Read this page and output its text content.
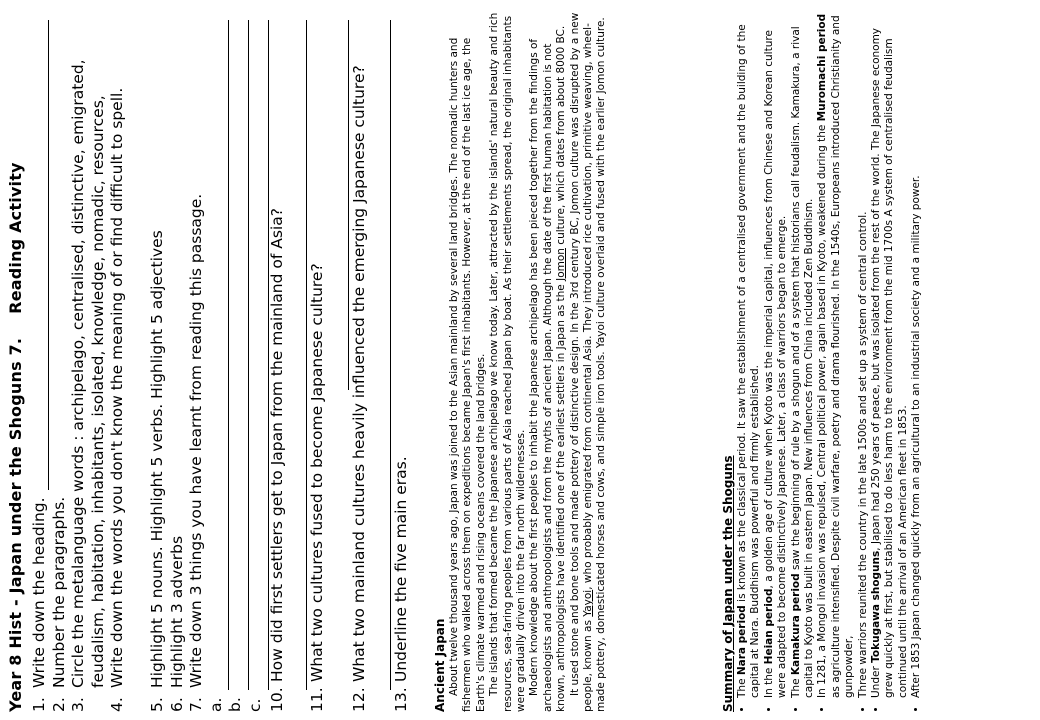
Year 8 Hist - Japan under the Shoguns 7.Reading Activity
1.
Write down the heading.
2.
Number the paragraphs.
3.
Circle the metalanguage words : archipelago, centralised, distinctive, emigrated, feudalism, habitation, inhabitants, isolated, knowledge, nomadic, resources,
4.
Write down the words you don't know the meaning of or find difficult to spell.
5.
Highlight 5 nouns. Highlight 5 verbs. Highlight 5 adjectives
6.
Highlight 3 adverbs
7.
Write down 3 things you have learnt from reading this passage.
a. b. c. 10.
How did first settlers get to Japan from the mainland of Asia?
11.
What two cultures fused to become Japanese culture?
12.
What two mainland cultures heavily influenced the emerging Japanese culture?
13.
Underline the five main eras. Ancient Japan About twelve thousand years ago, Japan was joined to the Asian mainland by several land bridges. The nomadic hunters and fishermen who walked across them on expeditions became Japan's first inhabitants. However, at the end of the last ice age, the Earth's climate warmed and rising oceans covered the land bridges. The islands that formed became the Japanese archipelago we know today. Later, attracted by the islands' natural beauty and rich resources, sea-faring peoples from various parts of Asia reached Japan by boat. As their settlements spread, the original inhabitants were gradually driven into the far north wildernesses. Modern knowledge about the first peoples to inhabit the Japanese archipelago has been pieced together from the findings of archaeologists and anthropologists and from the myths of ancient Japan. Although the date of the first human habitation is not known, anthropologists have identified one of the earliest settlers in Japan as the Jomon culture, which dates from about 8000 BC. It used stone and bone tools and made pottery of distinctive design. In the 3rd century BC, Jomon culture was disrupted by a new people, known as Yayoi, who probably emigrated from continental Asia. They introduced rice cultivation, primitive weaving, wheel-made pottery, domesticated horses and cows, and simple iron tools. Yayoi culture overlaid and fused with the earlier Jomon culture.	Summary of Japan under the Shoguns • The Nara period is known as the classical period. It saw the establishment of a centralised government and the building of the capital at Nara. Buddhism was powerful and firmly established. • In the Heian period, a golden age of culture when Kyoto was the imperial capital, influences from Chinese and Korean culture were adapted to become distinctively Japanese. Later, a class of warriors began to emerge. • The Kamakura period saw the beginning of rule by a shogun and of a system that historians call feudalism. Kamakura, a rival capital to Kyoto was built in eastern Japan. New influences from China included Zen Buddhism. • In 1281, a Mongol invasion was repulsed, Central political power, again based in Kyoto, weakened during the Muromachi period as agriculture intensified. Despite civil warfare, poetry and drama flourished. In the 1540s, Europeans introduced Christianity and gunpowder, • Three warriors reunited the country in the late 1500s and set up a system of central control. • Under Tokugawa shoguns, Japan had 250 years of peace, but was isolated from the rest of the world. The Japanese economy grew quickly at first, but stabilised to do less harm to the environment from the mid 1700s A system of centralised feudalism continued until the arrival of an American fleet in 1853. • After 1853 Japan changed quickly from an agricultural to an industrial society and a military power.
